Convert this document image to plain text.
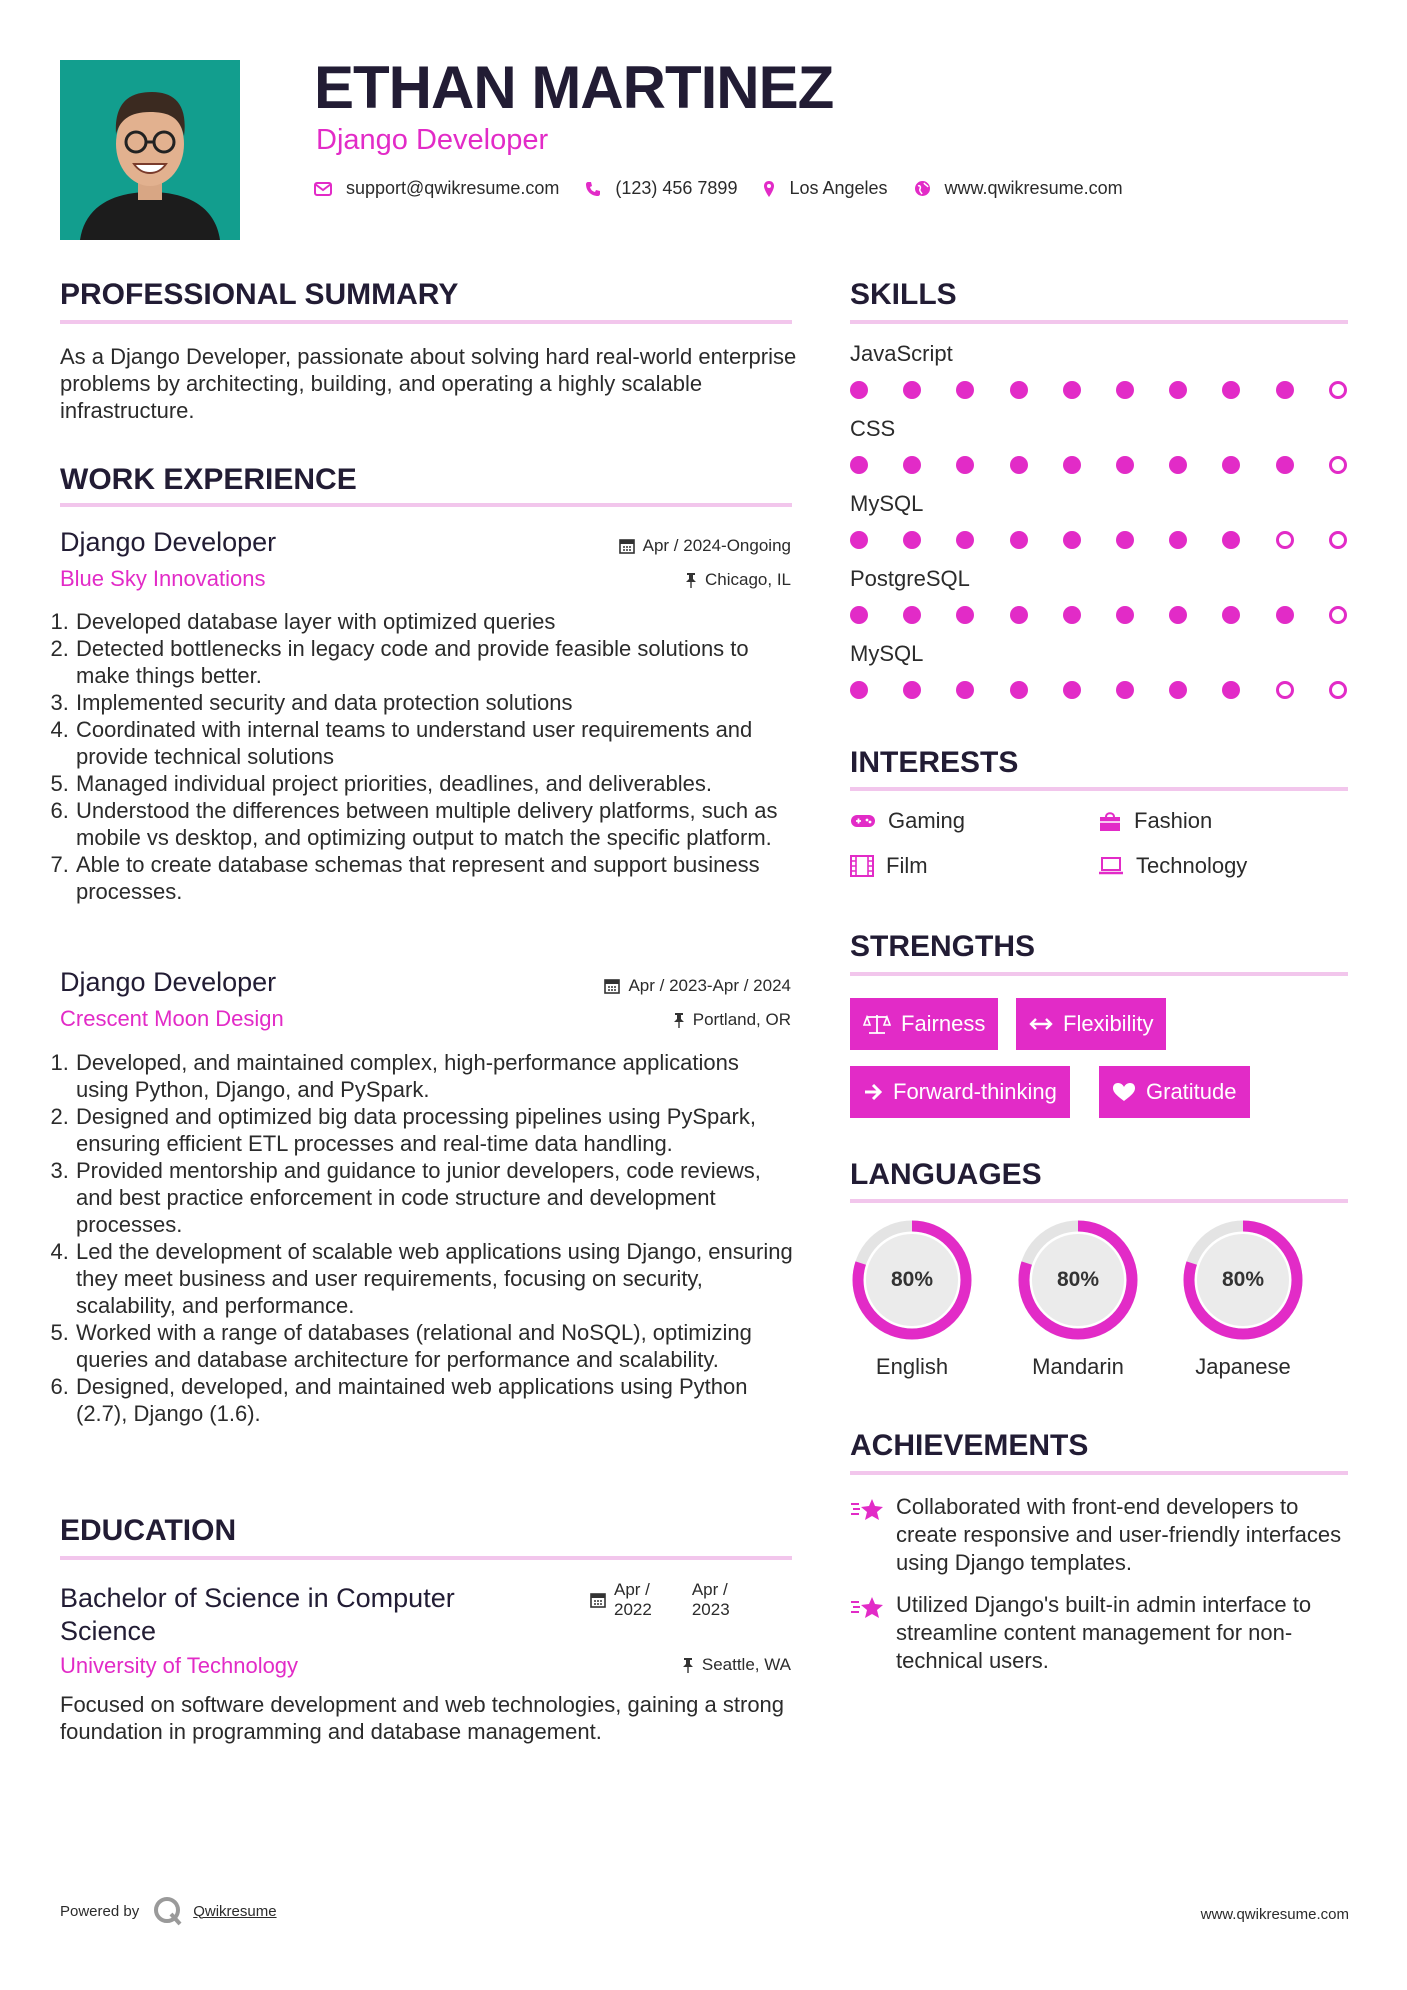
ETHAN MARTINEZ
Django Developer
support@qwikresume.com	(123) 456 7899	Los Angeles	www.qwikresume.com
PROFESSIONAL SUMMARY
As a Django Developer, passionate about solving hard real-world enterprise problems by architecting, building, and operating a highly scalable infrastructure.
WORK EXPERIENCE
Django Developer
Blue Sky Innovations
Apr / 2024-Ongoing
Chicago, IL
1. Developed database layer with optimized queries
2. Detected bottlenecks in legacy code and provide feasible solutions to make things better.
3. Implemented security and data protection solutions
4. Coordinated with internal teams to understand user requirements and provide technical solutions
5. Managed individual project priorities, deadlines, and deliverables.
6. Understood the differences between multiple delivery platforms, such as mobile vs desktop, and optimizing output to match the specific platform.
7. Able to create database schemas that represent and support business processes.
Django Developer
Crescent Moon Design
Apr / 2023-Apr / 2024
Portland, OR
1. Developed, and maintained complex, high-performance applications using Python, Django, and PySpark.
2. Designed and optimized big data processing pipelines using PySpark, ensuring efficient ETL processes and real-time data handling.
3. Provided mentorship and guidance to junior developers, code reviews, and best practice enforcement in code structure and development processes.
4. Led the development of scalable web applications using Django, ensuring they meet business and user requirements, focusing on security, scalability, and performance.
5. Worked with a range of databases (relational and NoSQL), optimizing queries and database architecture for performance and scalability.
6. Designed, developed, and maintained web applications using Python (2.7), Django (1.6).
EDUCATION
Bachelor of Science in Computer Science
Apr /
2022
Apr /
2023
University of Technology	Seattle, WA
Focused on software development and web technologies, gaining a strong foundation in programming and database management.
SKILLS
JavaScript
CSS
MySQL
PostgreSQL
MySQL
INTERESTS
Gaming	Fashion
Film	Technology
STRENGTHS
Fairness	Flexibility
Forward-thinking	Gratitude
LANGUAGES
80%
English
80%
Mandarin
80%
Japanese
ACHIEVEMENTS
Collaborated with front-end developers to create responsive and user-friendly interfaces using Django templates.
Utilized Django's built-in admin interface to streamline content management for non-technical users.
Powered by	Qwikresume	www.qwikresume.com
